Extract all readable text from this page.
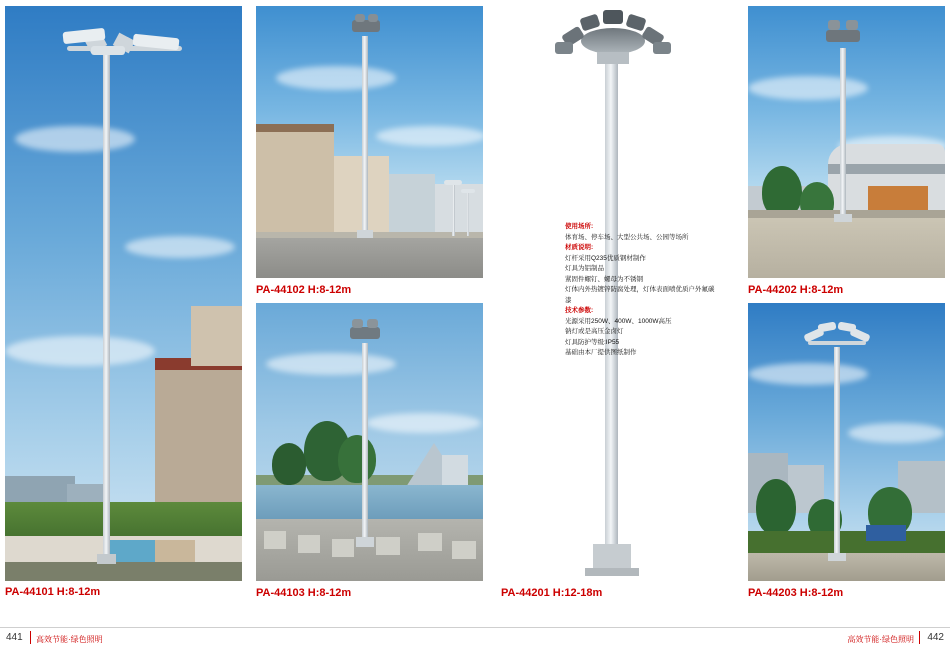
PA-44101 H:8-12m
PA-44102 H:8-12m
PA-44103 H:8-12m
使用场所:
体育场、停车场、大型公共场、公园等场所
材质说明:
灯杆采用Q235优质钢材制作
灯具为铝制品
紧固件螺钉、螺母为不锈钢
灯体内外热镀锌防腐处理，灯体表面喷优质户外氟碳漆
技术参数:
光源采用250W、400W、1000W高压
钠灯或是高压金卤灯
灯具防护等级:IP55
基础由本厂提供图纸制作
PA-44201 H:12-18m
PA-44202 H:8-12m
PA-44203 H:8-12m
441 高效节能·绿色照明	高效节能·绿色照明 442
